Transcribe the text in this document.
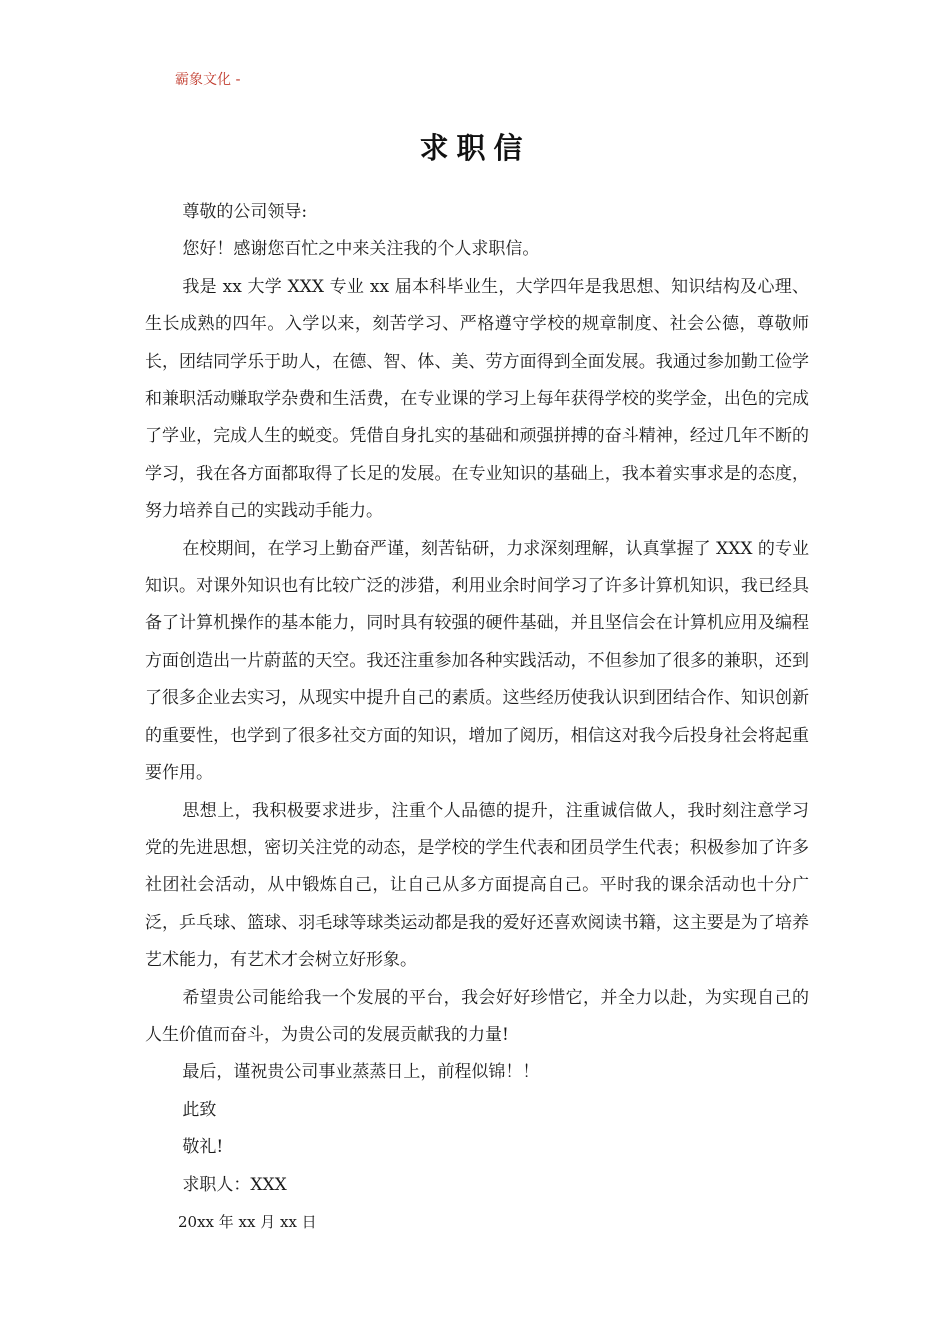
霸象文化 -
求职信

尊敬的公司领导:

您好！感谢您百忙之中来关注我的个人求职信。

我是 xx 大学 XXX 专业 xx 届本科毕业生，大学四年是我思想、知识结构及心理、生长成熟的四年。入学以来，刻苦学习、严格遵守学校的规章制度、社会公德，尊敬师长，团结同学乐于助人，在德、智、体、美、劳方面得到全面发展。我通过参加勤工俭学和兼职活动赚取学杂费和生活费，在专业课的学习上每年获得学校的奖学金，出色的完成了学业，完成人生的蜕变。凭借自身扎实的基础和顽强拼搏的奋斗精神，经过几年不断的学习，我在各方面都取得了长足的发展。在专业知识的基础上，我本着实事求是的态度，努力培养自己的实践动手能力。

在校期间，在学习上勤奋严谨，刻苦钻研，力求深刻理解，认真掌握了 XXX 的专业知识。对课外知识也有比较广泛的涉猎，利用业余时间学习了许多计算机知识，我已经具备了计算机操作的基本能力，同时具有较强的硬件基础，并且坚信会在计算机应用及编程方面创造出一片蔚蓝的天空。我还注重参加各种实践活动，不但参加了很多的兼职，还到了很多企业去实习，从现实中提升自己的素质。这些经历使我认识到团结合作、知识创新的重要性，也学到了很多社交方面的知识，增加了阅历，相信这对我今后投身社会将起重要作用。

思想上，我积极要求进步，注重个人品德的提升，注重诚信做人，我时刻注意学习党的先进思想，密切关注党的动态，是学校的学生代表和团员学生代表；积极参加了许多社团社会活动，从中锻炼自己，让自己从多方面提高自己。平时我的课余活动也十分广泛，乒乓球、篮球、羽毛球等球类运动都是我的爱好还喜欢阅读书籍，这主要是为了培养艺术能力，有艺术才会树立好形象。

希望贵公司能给我一个发展的平台，我会好好珍惜它，并全力以赴，为实现自己的人生价值而奋斗，为贵公司的发展贡献我的力量!

最后，谨祝贵公司事业蒸蒸日上，前程似锦！！

此致

敬礼!

求职人：XXX

20xx 年 xx 月 xx 日
